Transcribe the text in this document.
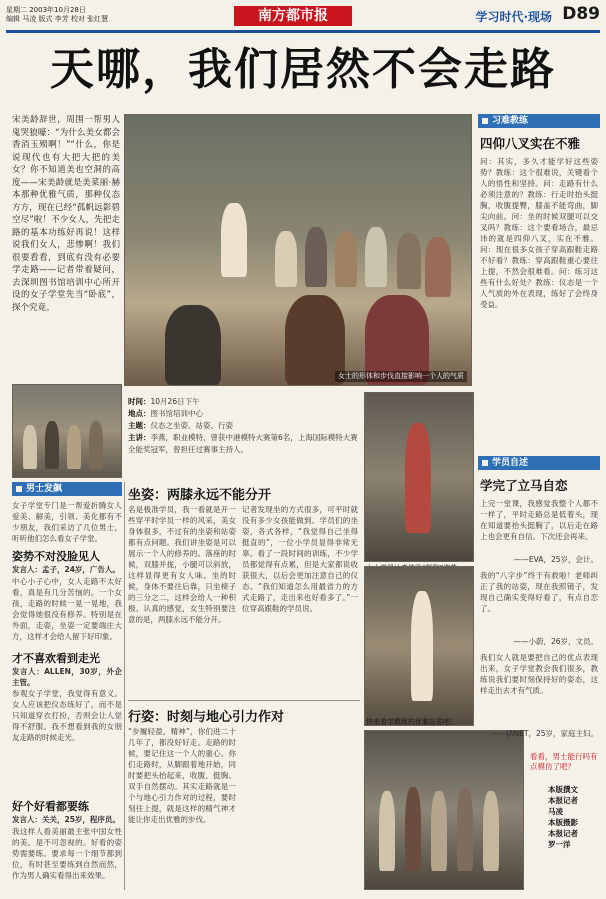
星期二 2003年10月28日
编辑 马凌 版式 李芳 校对 张红慧	南方都市报	学习时代·现场 D89
天哪，我们居然不会走路
宋美龄辞世，周围一帮男人鬼哭狼嚎：“为什么美女都会香消玉殒啊！”“什么，你是说现代也有大把大把的美女？你不知道美也空洞的高度——宋美龄就是美菜丽·赫本那种优雅气质，那种仪态方方，现在已经“孤帆远影碧空尽”啦！不少女人，先把走路的基本功练好再说！这样说我们女人，悲惨啊！我们很要看看，到底有没有必要学走路——记者带着疑问，去深圳图书馆培训中心所开设的女子学堂先当“卧底”，探个究竟。
女士的形体和步伐直接影响一个人的气质
时间：10月26日下午
地点：图书馆培训中心
主题：仪态之坐姿、站姿、行姿
主讲：李燕，职业模特，曾获中港模特大赛第6名，上海国际模特大赛全能奖冠军，曾担任过赛事主持人。
男士发飙
女子学堂专门是一帮爱折腾女人爱美、解美，引领、美化都有不少朋友，我们采访了几位男士，听听他们怎么看女子学堂。
姿势不对没脸见人
发言人：孟子，24岁，广告人。
中心小子心中，女人走路不太好看，真是有几分苦恼的。一个女孩，走路的时候一晃一晃地，我会觉得她很没有修养。特别是在外面，走姿，坐姿一定要端庄大方，这样才会给人留下好印象。
才不喜欢看到走光
发言人：ALLEN，30岁，外企主管。
参观女子学堂，我觉得有意义。女人应该把仪态练好了，而不是只知道穿衣打扮，否则会让人觉得不舒服。我不想看到我的女朋友走路的时候走光。
好个好看都要练
发言人：关关，25岁，程序员。
我这样人看美丽最主张中国女性的美，是不可忽视的。好看的姿势需要练。要求每一个细节都到位，有时甚至要练到自然而然，作为男人确实看得出来效果。
坐姿：两膝永远不能分开
名是极准学员，我一看就是开一些穿平时学员一样的风采，美女身体很多，不过有的坐姿和站姿都有点问题。我们讲坐姿是可以展示一个人的修养的。落座的时候，双膝并拢，小腿可以斜放，这样显得更有女人味。坐的时候，身体不要往后靠，只坐椅子的三分之二，这样会给人一种积极、认真的感觉，女生特别要注意的是，两膝永远不能分开。
行姿：时刻与地心引力作对
“步履轻盈，精神”，你们进二十几年了，都没好好走。走路的时候，要记住这一个人的重心。你们走路时，从脚跟着地开始，同时要把头抬起来，收腹、挺胸、双手自然摆动。其实走路就是一个与地心引力作对的过程，要时刻往上提，就是这样的精气神才能让你走出优雅的步伐。
记者发现坐的方式很多，可平时就没有多少女孩能做到。学员们的坐姿，各式各样，“我觉得自己坐得挺直的”，一位小学员显得非常无辜。看了一段时间的训练，不少学员都觉得有点累，但是大家都说收获很大，以后会更加注意自己的仪态。“我们知道怎么用最省力的方式走路了，走出来也好看多了。”一位穿高跟鞋的学员说。
快来看学教练的优雅站姿吧！
习难教练
四仰八叉实在不雅
问：其实，多久才能学好这些姿势？教练：这个很难说，关键看个人的悟性和坚持。问：走路有什么必须注意的？教练：行走时抬头挺胸，收腹提臀，膝盖不能弯曲，脚尖向前。问：坐的时候双腿可以交叉吗？教练：这个要看场合，最忌讳的就是四仰八叉，实在不雅。问：现在很多女孩子穿高跟鞋走路不好看？教练：穿高跟鞋重心要往上提，不然会很难看。问：练习这些有什么好处？教练：仪态是一个人气质的外在表现，练好了会终身受益。
学员自述
学完了立马自恋
上完一堂课，我感觉我整个人都不一样了，平时走路总是低着头，现在知道要抬头挺胸了，以后走在路上也会更有自信。下次还会再来。
——EVA，25岁，会计。
我的“八字步”终于有救啦！老师纠正了我的站姿，现在我照镜子，发现自己确实变得好看了，有点自恋了。
——小蔚，26岁，文员。
我们女人就是要把自己的优点表现出来，女子学堂教会我们很多，教练说我们要时刻保持好的姿态，这样走出去才有气质。
——JANET，25岁，家庭主妇。
看看，男士能行吗有点模仿了吧？
本版撰文
本报记者
马凌
本版摄影
本报记者
罗一洋
